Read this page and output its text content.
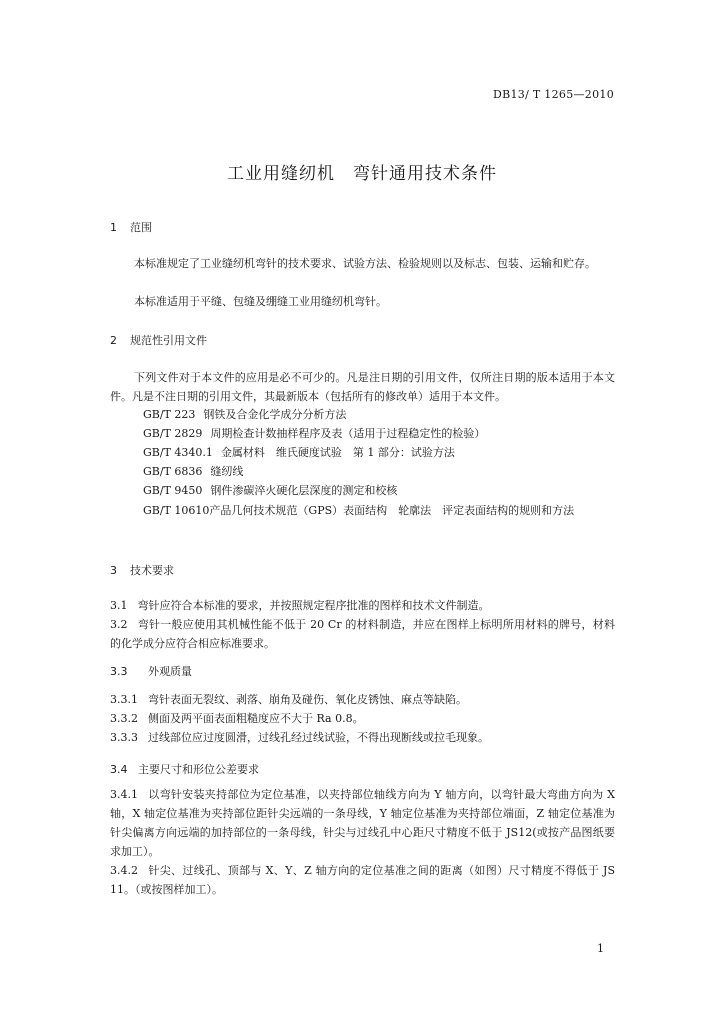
DB13/ T 1265—2010
工业用缝纫机　弯针通用技术条件
1 范围
本标准规定了工业缝纫机弯针的技术要求、试验方法、检验规则以及标志、包装、运输和贮存。
本标准适用于平缝、包缝及绷缝工业用缝纫机弯针。
2 规范性引用文件
下列文件对于本文件的应用是必不可少的。凡是注日期的引用文件，仅所注日期的版本适用于本文件。凡是不注日期的引用文件，其最新版本（包括所有的修改单）适用于本文件。
GB/T 223 钢铁及合金化学成分分析方法
GB/T 2829 周期检查计数抽样程序及表（适用于过程稳定性的检验）
GB/T 4340.1 金属材料　维氏硬度试验　第 1 部分：试验方法
GB/T 6836 缝纫线
GB/T 9450 钢件渗碳淬火硬化层深度的测定和校核
GB/T 10610产品几何技术规范（GPS）表面结构　轮廓法　评定表面结构的规则和方法
3 技术要求
3.1 弯针应符合本标准的要求，并按照规定程序批准的图样和技术文件制造。
3.2 弯针一般应使用其机械性能不低于 20 Cr 的材料制造，并应在图样上标明所用材料的牌号，材料的化学成分应符合相应标准要求。
3.3 外观质量
3.3.1 弯针表面无裂纹、剥落、崩角及碰伤、氧化皮锈蚀、麻点等缺陷。
3.3.2 侧面及两平面表面粗糙度应不大于 Ra 0.8。
3.3.3 过线部位应过度圆滑，过线孔经过线试验，不得出现断线或拉毛现象。
3.4 主要尺寸和形位公差要求
3.4.1 以弯针安装夹持部位为定位基准，以夹持部位轴线方向为 Y 轴方向，以弯针最大弯曲方向为 X 轴，X 轴定位基准为夹持部位距针尖远端的一条母线，Y 轴定位基准为夹持部位端面，Z 轴定位基准为针尖偏离方向远端的加持部位的一条母线，针尖与过线孔中心距尺寸精度不低于 JS12(或按产品图纸要求加工）。
3.4.2 针尖、过线孔、顶部与 X、Y、Z 轴方向的定位基准之间的距离（如图）尺寸精度不得低于 JS 11。（或按图样加工）。
1
